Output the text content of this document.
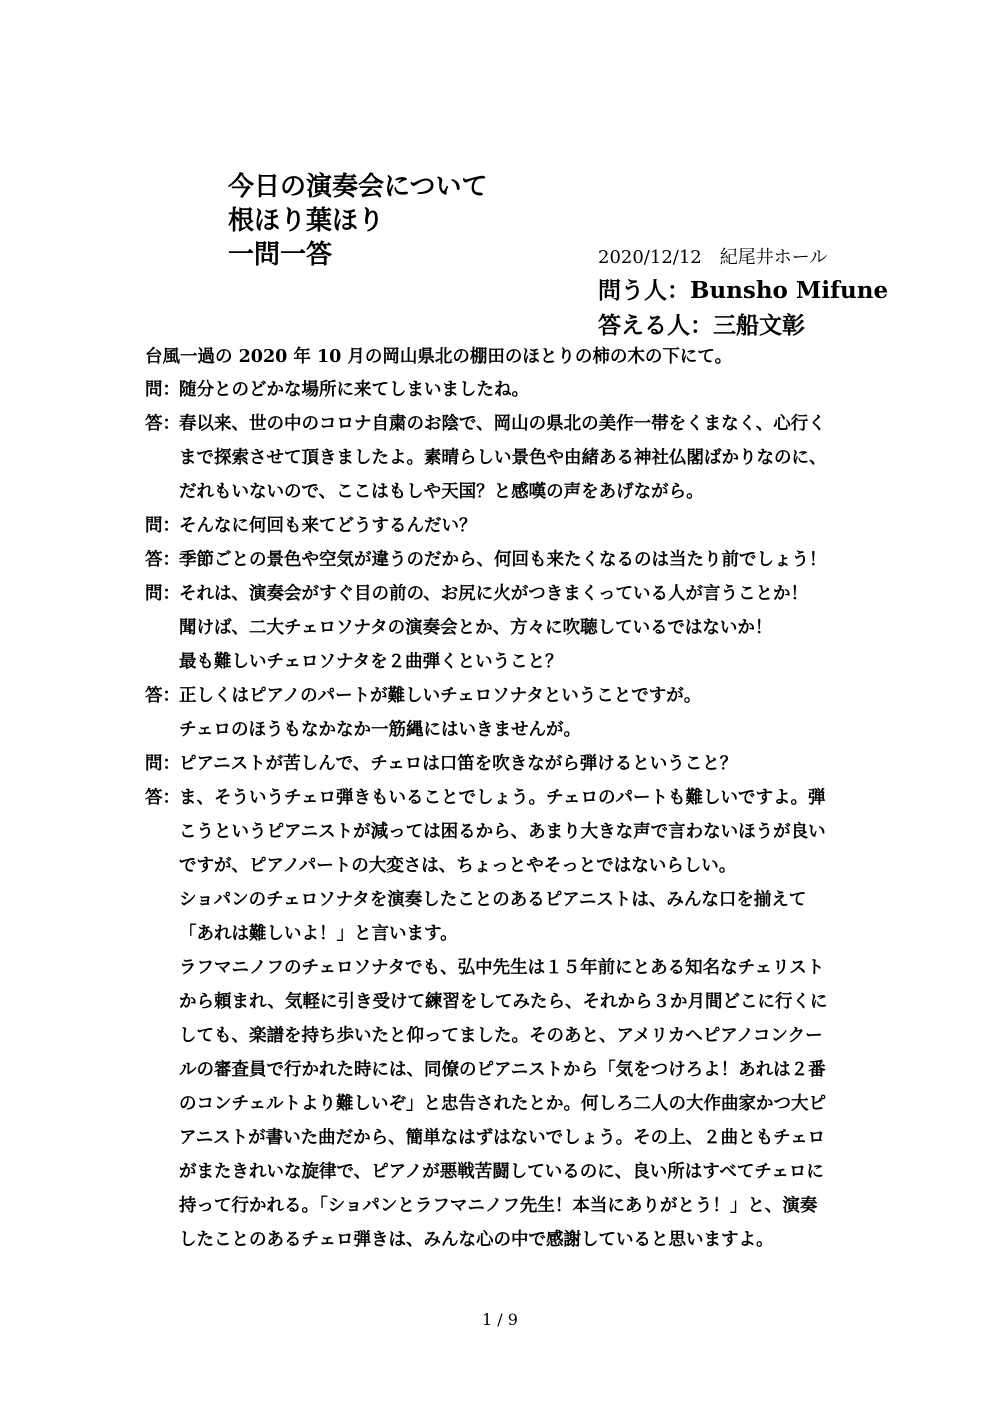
今日の演奏会について
根ほり葉ほり
一問一答	2020/12/12　紀尾井ホール
問う人：Bunsho Mifune
答える人：三船文彰
台風一過の 2020 年 10 月の岡山県北の棚田のほとりの柿の木の下にて。
問： 随分とのどかな場所に来てしまいましたね。
答： 春以来、世の中のコロナ自粛のお陰で、岡山の県北の美作一帯をくまなく、心行く
まで探索させて頂きましたよ。素晴らしい景色や由緒ある神社仏閣ばかりなのに、
だれもいないので、ここはもしや天国？と感嘆の声をあげながら。
問： そんなに何回も来てどうするんだい？
答： 季節ごとの景色や空気が違うのだから、何回も来たくなるのは当たり前でしょう！
問： それは、演奏会がすぐ目の前の、お尻に火がつきまくっている人が言うことか！
聞けば、二大チェロソナタの演奏会とか、方々に吹聴しているではないか！
最も難しいチェロソナタを２曲弾くということ？
答： 正しくはピアノのパートが難しいチェロソナタということですが。
チェロのほうもなかなか一筋縄にはいきませんが。
問： ピアニストが苦しんで、チェロは口笛を吹きながら弾けるということ？
答： ま、そういうチェロ弾きもいることでしょう。チェロのパートも難しいですよ。弾
こうというピアニストが減っては困るから、あまり大きな声で言わないほうが良い
ですが、ピアノパートの大変さは、ちょっとやそっとではないらしい。
ショパンのチェロソナタを演奏したことのあるピアニストは、みんな口を揃えて
「あれは難しいよ！」と言います。
ラフマニノフのチェロソナタでも、弘中先生は１５年前にとある知名なチェリスト
から頼まれ、気軽に引き受けて練習をしてみたら、それから３か月間どこに行くに
しても、楽譜を持ち歩いたと仰ってました。そのあと、アメリカへピアノコンクー
ルの審査員で行かれた時には、同僚のピアニストから「気をつけろよ！あれは２番
のコンチェルトより難しいぞ」と忠告されたとか。何しろ二人の大作曲家かつ大ピ
アニストが書いた曲だから、簡単なはずはないでしょう。その上、２曲ともチェロ
がまたきれいな旋律で、ピアノが悪戦苦闘しているのに、良い所はすべてチェロに
持って行かれる。「ショパンとラフマニノフ先生！本当にありがとう！」と、演奏
したことのあるチェロ弾きは、みんな心の中で感謝していると思いますよ。
1 / 9
